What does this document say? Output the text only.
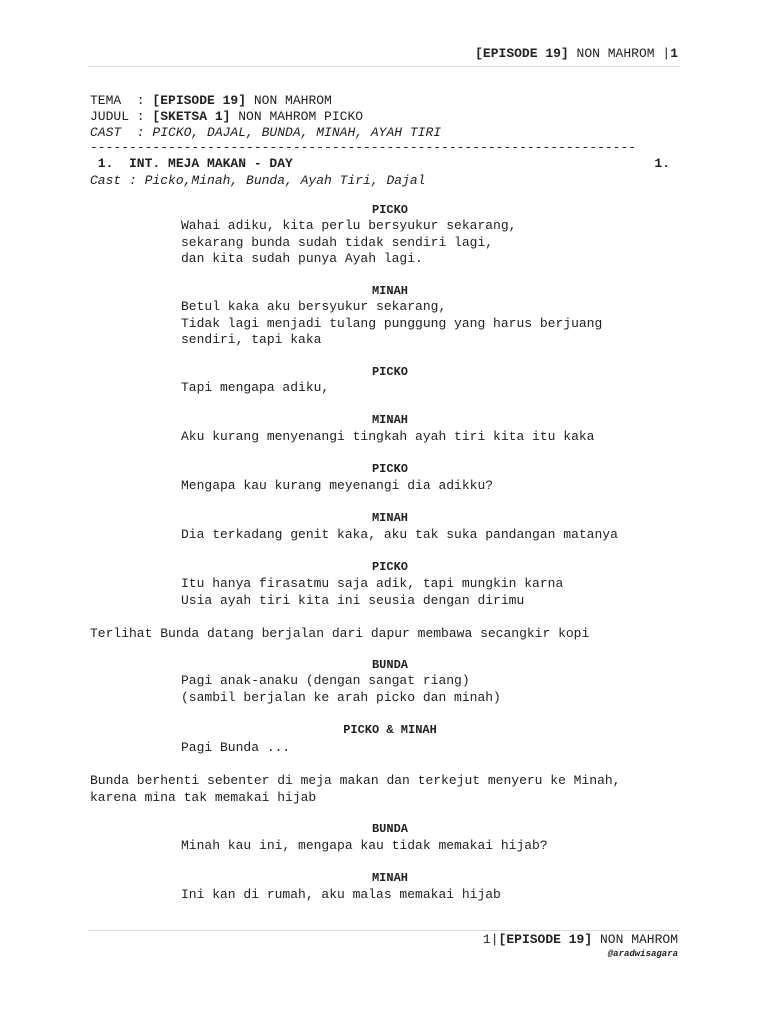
[EPISODE 19] NON MAHROM |1
TEMA  : [EPISODE 19] NON MAHROM
JUDUL : [SKETSA 1] NON MAHROM PICKO
CAST  : PICKO, DAJAL, BUNDA, MINAH, AYAH TIRI
----------------------------------------------------------------------
1.  INT. MEJA MAKAN - DAY	1.
Cast : Picko,Minah, Bunda, Ayah Tiri, Dajal
PICKO
Wahai adiku, kita perlu bersyukur sekarang,
sekarang bunda sudah tidak sendiri lagi,
dan kita sudah punya Ayah lagi.
MINAH
Betul kaka aku bersyukur sekarang,
Tidak lagi menjadi tulang punggung yang harus berjuang
sendiri, tapi kaka
PICKO
Tapi mengapa adiku,
MINAH
Aku kurang menyenangi tingkah ayah tiri kita itu kaka
PICKO
Mengapa kau kurang meyenangi dia adikku?
MINAH
Dia terkadang genit kaka, aku tak suka pandangan matanya
PICKO
Itu hanya firasatmu saja adik, tapi mungkin karna
Usia ayah tiri kita ini seusia dengan dirimu
Terlihat Bunda datang berjalan dari dapur membawa secangkir kopi
BUNDA
Pagi anak-anaku (dengan sangat riang)
(sambil berjalan ke arah picko dan minah)
PICKO & MINAH
Pagi Bunda ...
Bunda berhenti sebenter di meja makan dan terkejut menyeru ke Minah,
karena mina tak memakai hijab
BUNDA
Minah kau ini, mengapa kau tidak memakai hijab?
MINAH
Ini kan di rumah, aku malas memakai hijab
1|[EPISODE 19] NON MAHROM
@aradwisagara
